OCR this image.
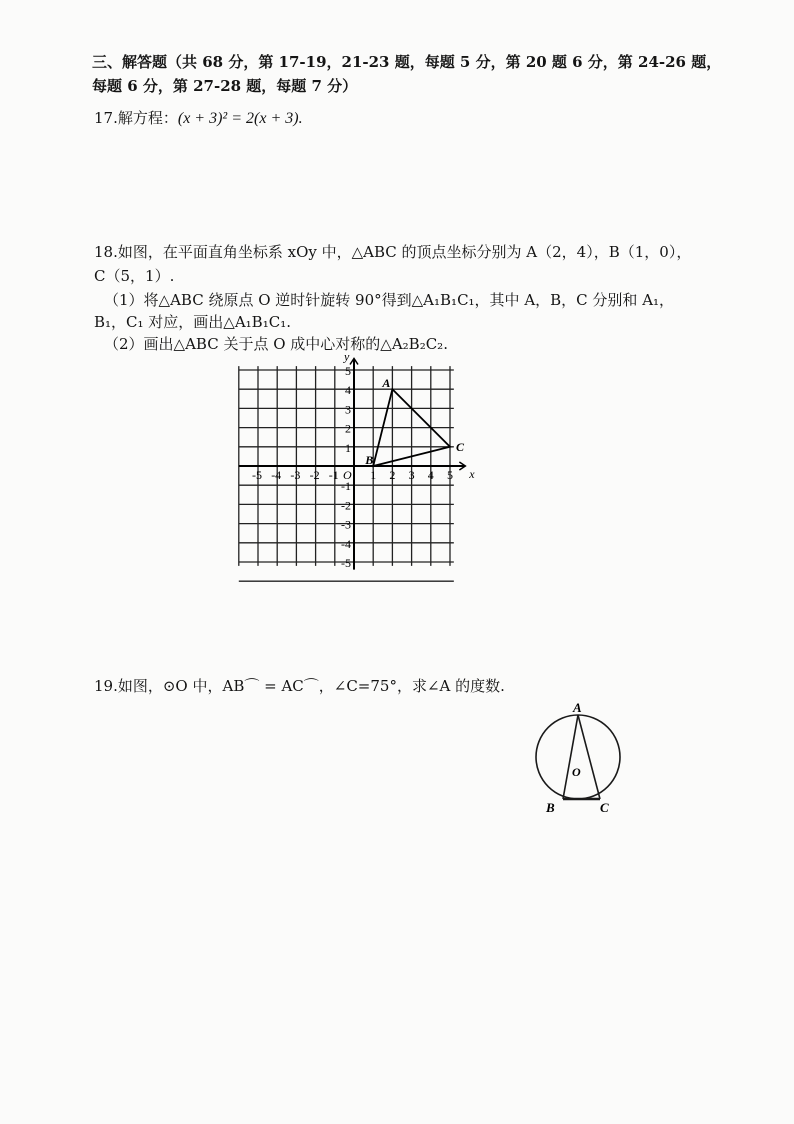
三、解答题（共 68 分，第 17-19，21-23 题，每题 5 分，第 20 题 6 分，第 24-26 题，
每题 6 分，第 27-28 题，每题 7 分）
17.解方程：(x + 3)² = 2(x + 3).
18.如图，在平面直角坐标系 xOy 中，△ABC 的顶点坐标分别为 A（2，4），B（1，0），
C（5，1）.
（1）将△ABC 绕原点 O 逆时针旋转 90°得到△A₁B₁C₁，其中 A，B，C 分别和 A₁，
B₁，C₁ 对应，画出△A₁B₁C₁.
（2）画出△ABC 关于点 O 成中心对称的△A₂B₂C₂.
x
y
O
-5 -4 -3 -2 -1	1 2 3 4 5
5
4
3
2
1
-1
-2
-3
-4
-5
A
B
C
19.如图，⊙O 中，AB⌒ = AC⌒，∠C=75°，求∠A 的度数.
A
B	C
O
